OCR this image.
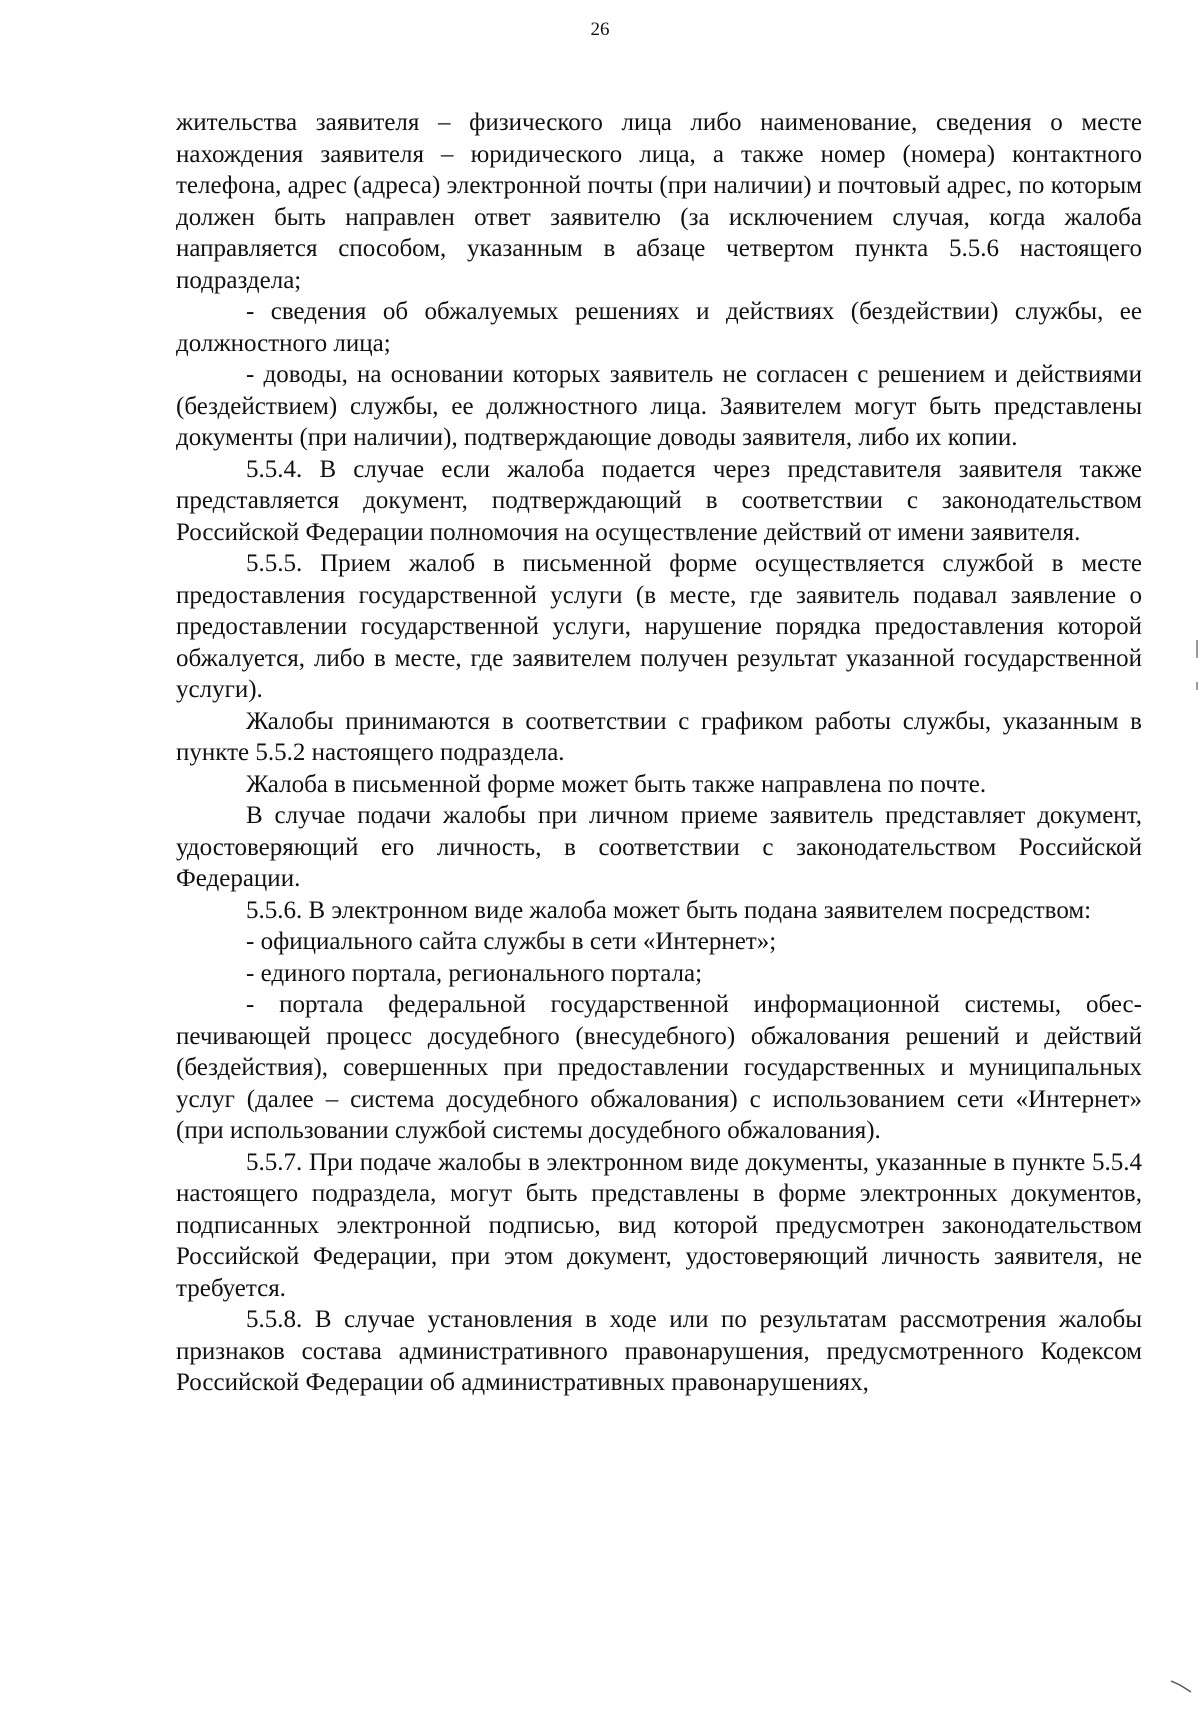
26

жительства заявителя – физического лица либо наименование, сведения о месте нахождения заявителя – юридического лица, а также номер (номера) контактного телефона, адрес (адреса) электронной почты (при наличии) и почтовый адрес, по которым должен быть направлен ответ заявителю (за исключением случая, когда жалоба направляется способом, указанным в абзаце четвертом пункта 5.5.6 настоящего подраздела;

- сведения об обжалуемых решениях и действиях (бездействии) службы, ее должностного лица;

- доводы, на основании которых заявитель не согласен с решением и действиями (бездействием) службы, ее должностного лица. Заявителем могут быть представлены документы (при наличии), подтверждающие доводы заявителя, либо их копии.

5.5.4. В случае если жалоба подается через представителя заявителя также представляется документ, подтверждающий в соответствии с законодательством Российской Федерации полномочия на осуществление действий от имени заявителя.

5.5.5. Прием жалоб в письменной форме осуществляется службой в месте предоставления государственной услуги (в месте, где заявитель подавал заявление о предоставлении государственной услуги, нарушение порядка предоставления которой обжалуется, либо в месте, где заявителем получен результат указанной государственной услуги).

Жалобы принимаются в соответствии с графиком работы службы, указанным в пункте 5.5.2 настоящего подраздела.

Жалоба в письменной форме может быть также направлена по почте.

В случае подачи жалобы при личном приеме заявитель представляет документ, удостоверяющий его личность, в соответствии с законодательством Российской Федерации.

5.5.6. В электронном виде жалоба может быть подана заявителем посредством:

- официального сайта службы в сети «Интернет»;

- единого портала, регионального портала;

- портала федеральной государственной информационной системы, обеспечивающей процесс досудебного (внесудебного) обжалования решений и действий (бездействия), совершенных при предоставлении государственных и муниципальных услуг (далее – система досудебного обжалования) с использованием сети «Интернет» (при использовании службой системы досудебного обжалования).

5.5.7. При подаче жалобы в электронном виде документы, указанные в пункте 5.5.4 настоящего подраздела, могут быть представлены в форме электронных документов, подписанных электронной подписью, вид которой предусмотрен законодательством Российской Федерации, при этом документ, удостоверяющий личность заявителя, не требуется.

5.5.8. В случае установления в ходе или по результатам рассмотрения жалобы признаков состава административного правонарушения, предусмотренного Кодексом Российской Федерации об административных правонарушениях,
